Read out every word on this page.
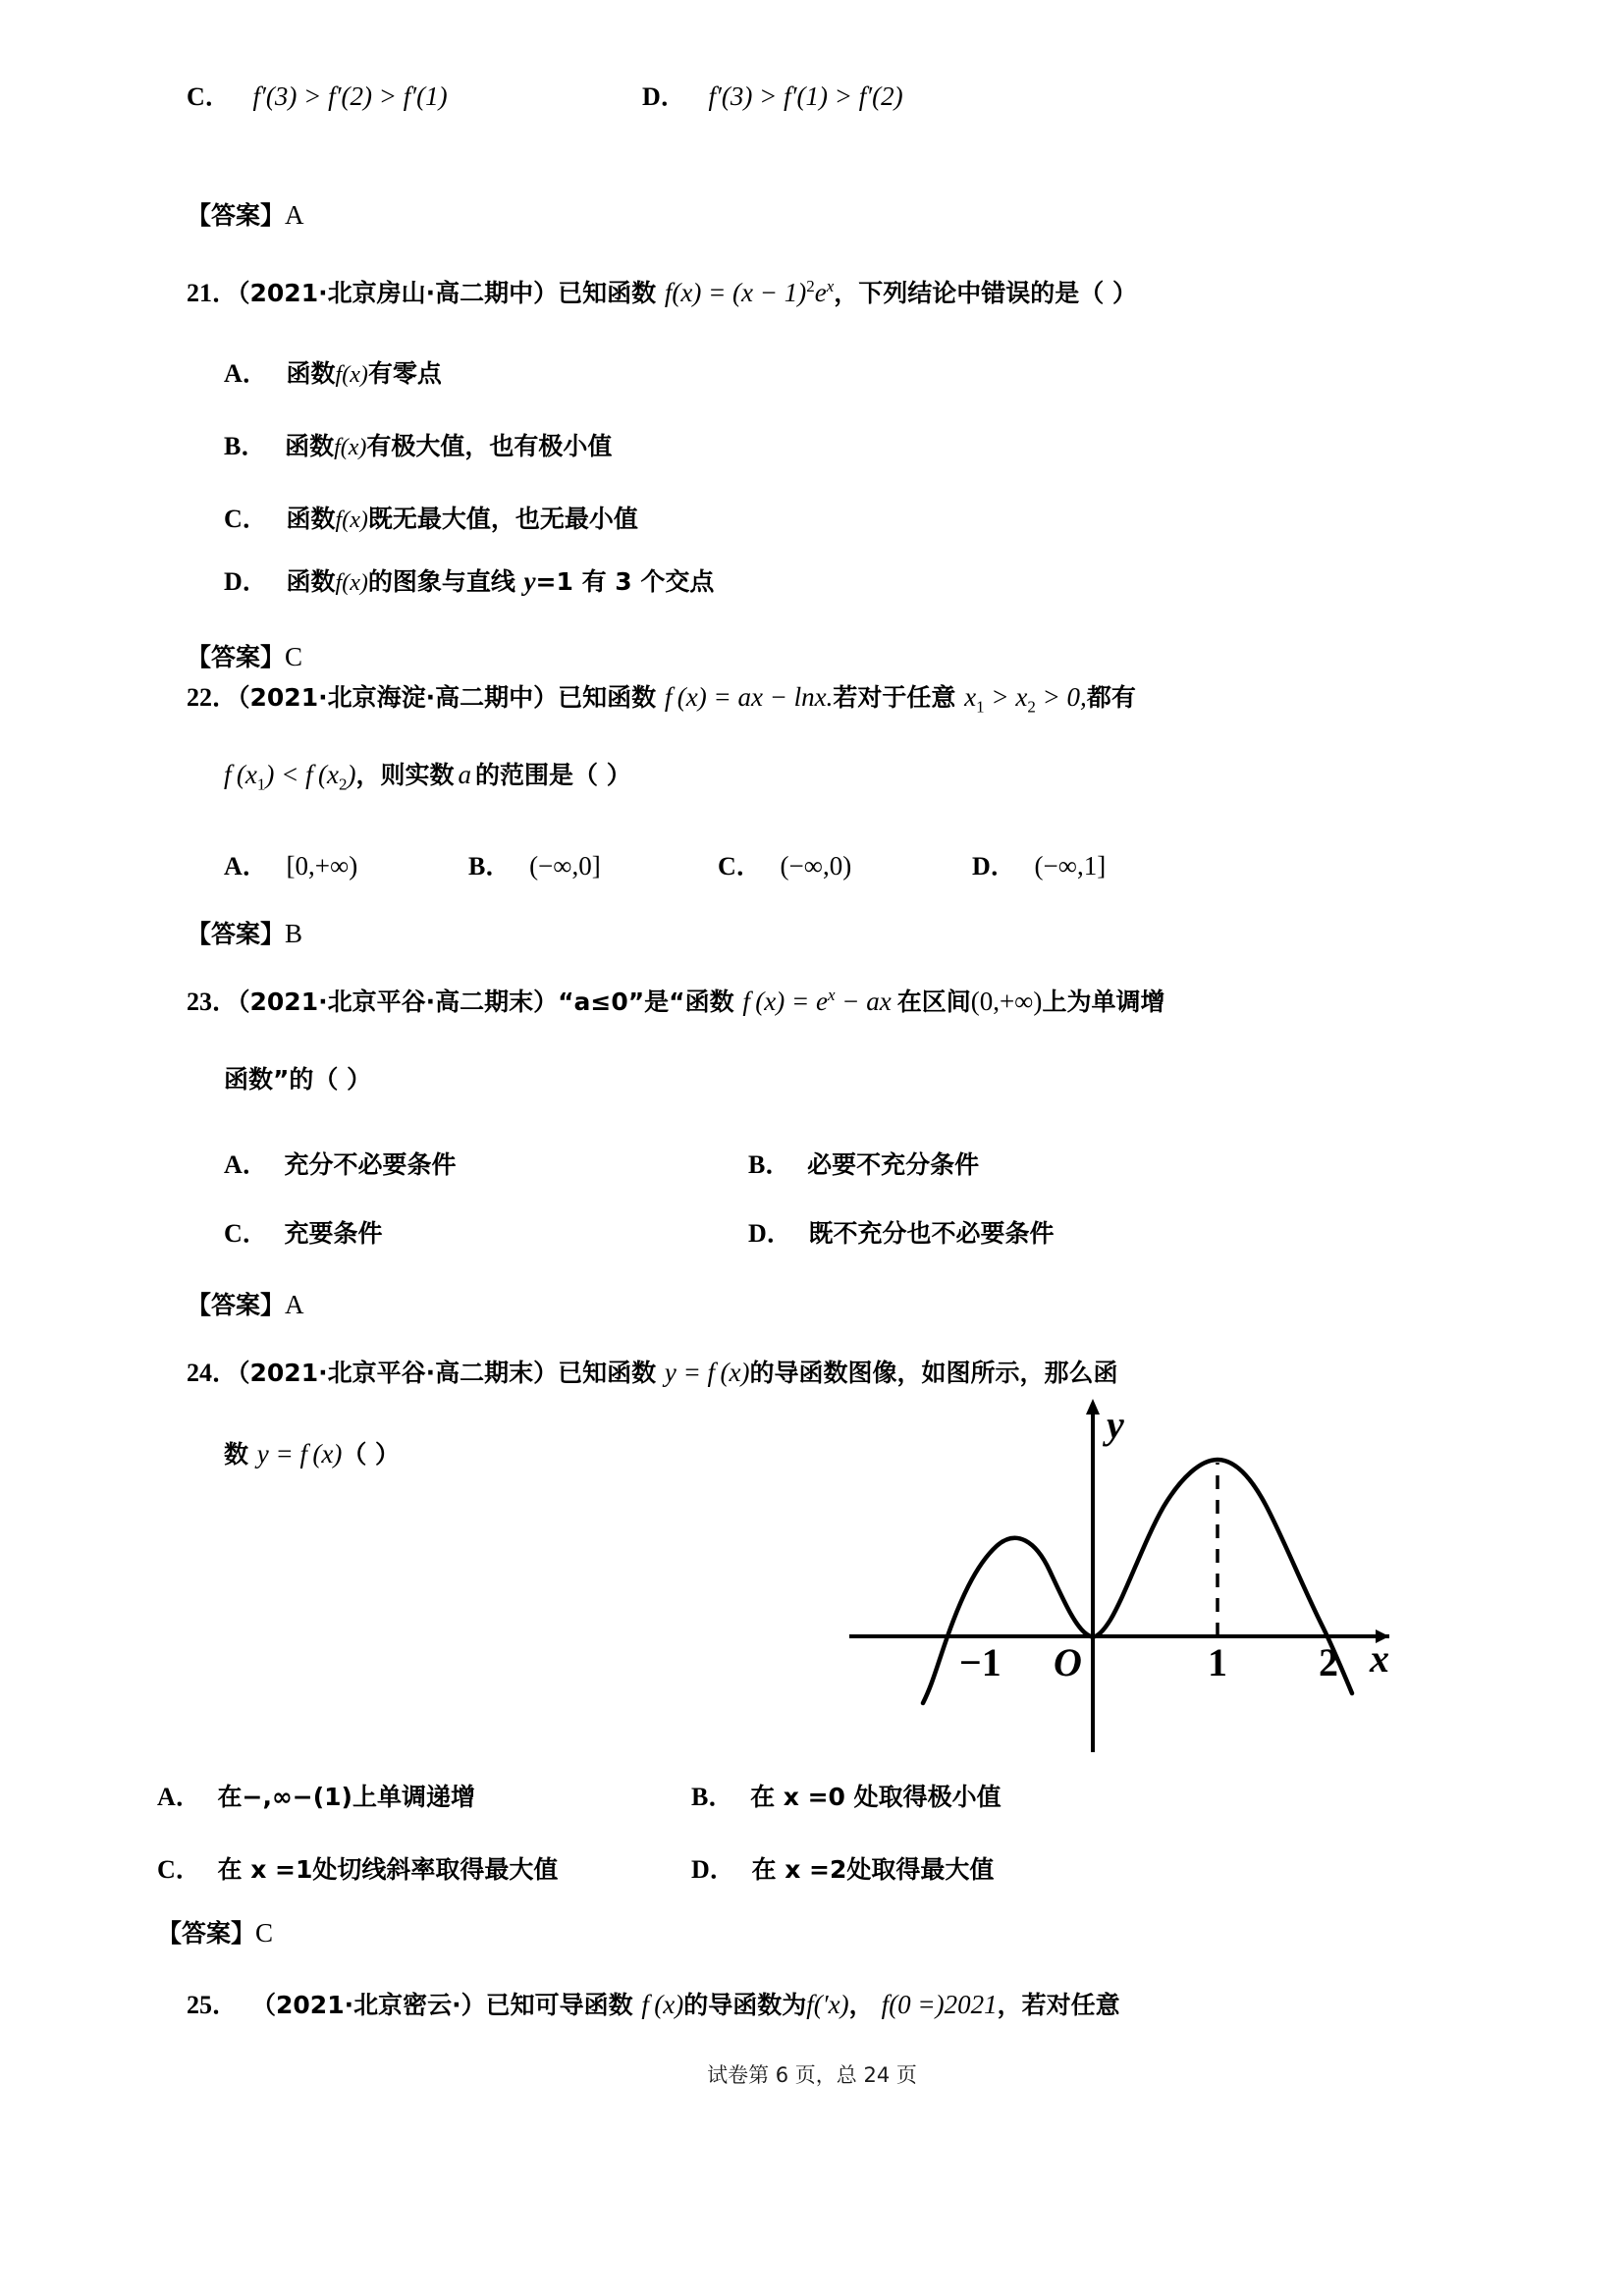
C． f′(3) > f′(2) > f′(1)	D． f′(3) > f′(1) > f′(2)
【答案】A
21．（2021·北京房山·高二期中）已知函数 $f(x) = (x - 1)^2e^x$，下列结论中错误的是（ ）
A． 函数f(x)有零点
B． 函数f(x)有极大值，也有极小值
C． 函数f(x)既无最大值，也无最小值
D． 函数f(x)的图象与直线 y=1 有 3 个交点
【答案】C
22．（2021·北京海淀·高二期中）已知函数 f (x) = ax − lnx.若对于任意 $x_1 > x_2 > 0$,都有
f $(x_1) < f$ $(x_2)$，则实数 a 的范围是（ ）
A． [0,+∞)	B． (−∞,0]	C． (−∞,0)	D． (−∞,1]
【答案】B
23．（2021·北京平谷·高二期末）“a≤0”是“函数 f $(x) = e^x$ − ax 在区间(0,+∞)上为单调增
函数”的（ ）
A． 充分不必要条件	B． 必要不充分条件
C． 充要条件	D． 既不充分也不必要条件
【答案】A
24．（2021·北京平谷·高二期末）已知函数 y = f (x)的导函数图像，如图所示，那么函
数 y = f (x)（ ）
−1 O	1 2
y
x
A． 在−,∞−(1)上单调递增	B． 在 x =0 处取得极小值
C． 在 x =1处切线斜率取得最大值	D． 在 x =2处取得最大值
【答案】C
25． （2021·北京密云·）已知可导函数 f (x)的导函数为f(′x)， f(0 =)2021，若对任意
试卷第 6 页，总 24 页
